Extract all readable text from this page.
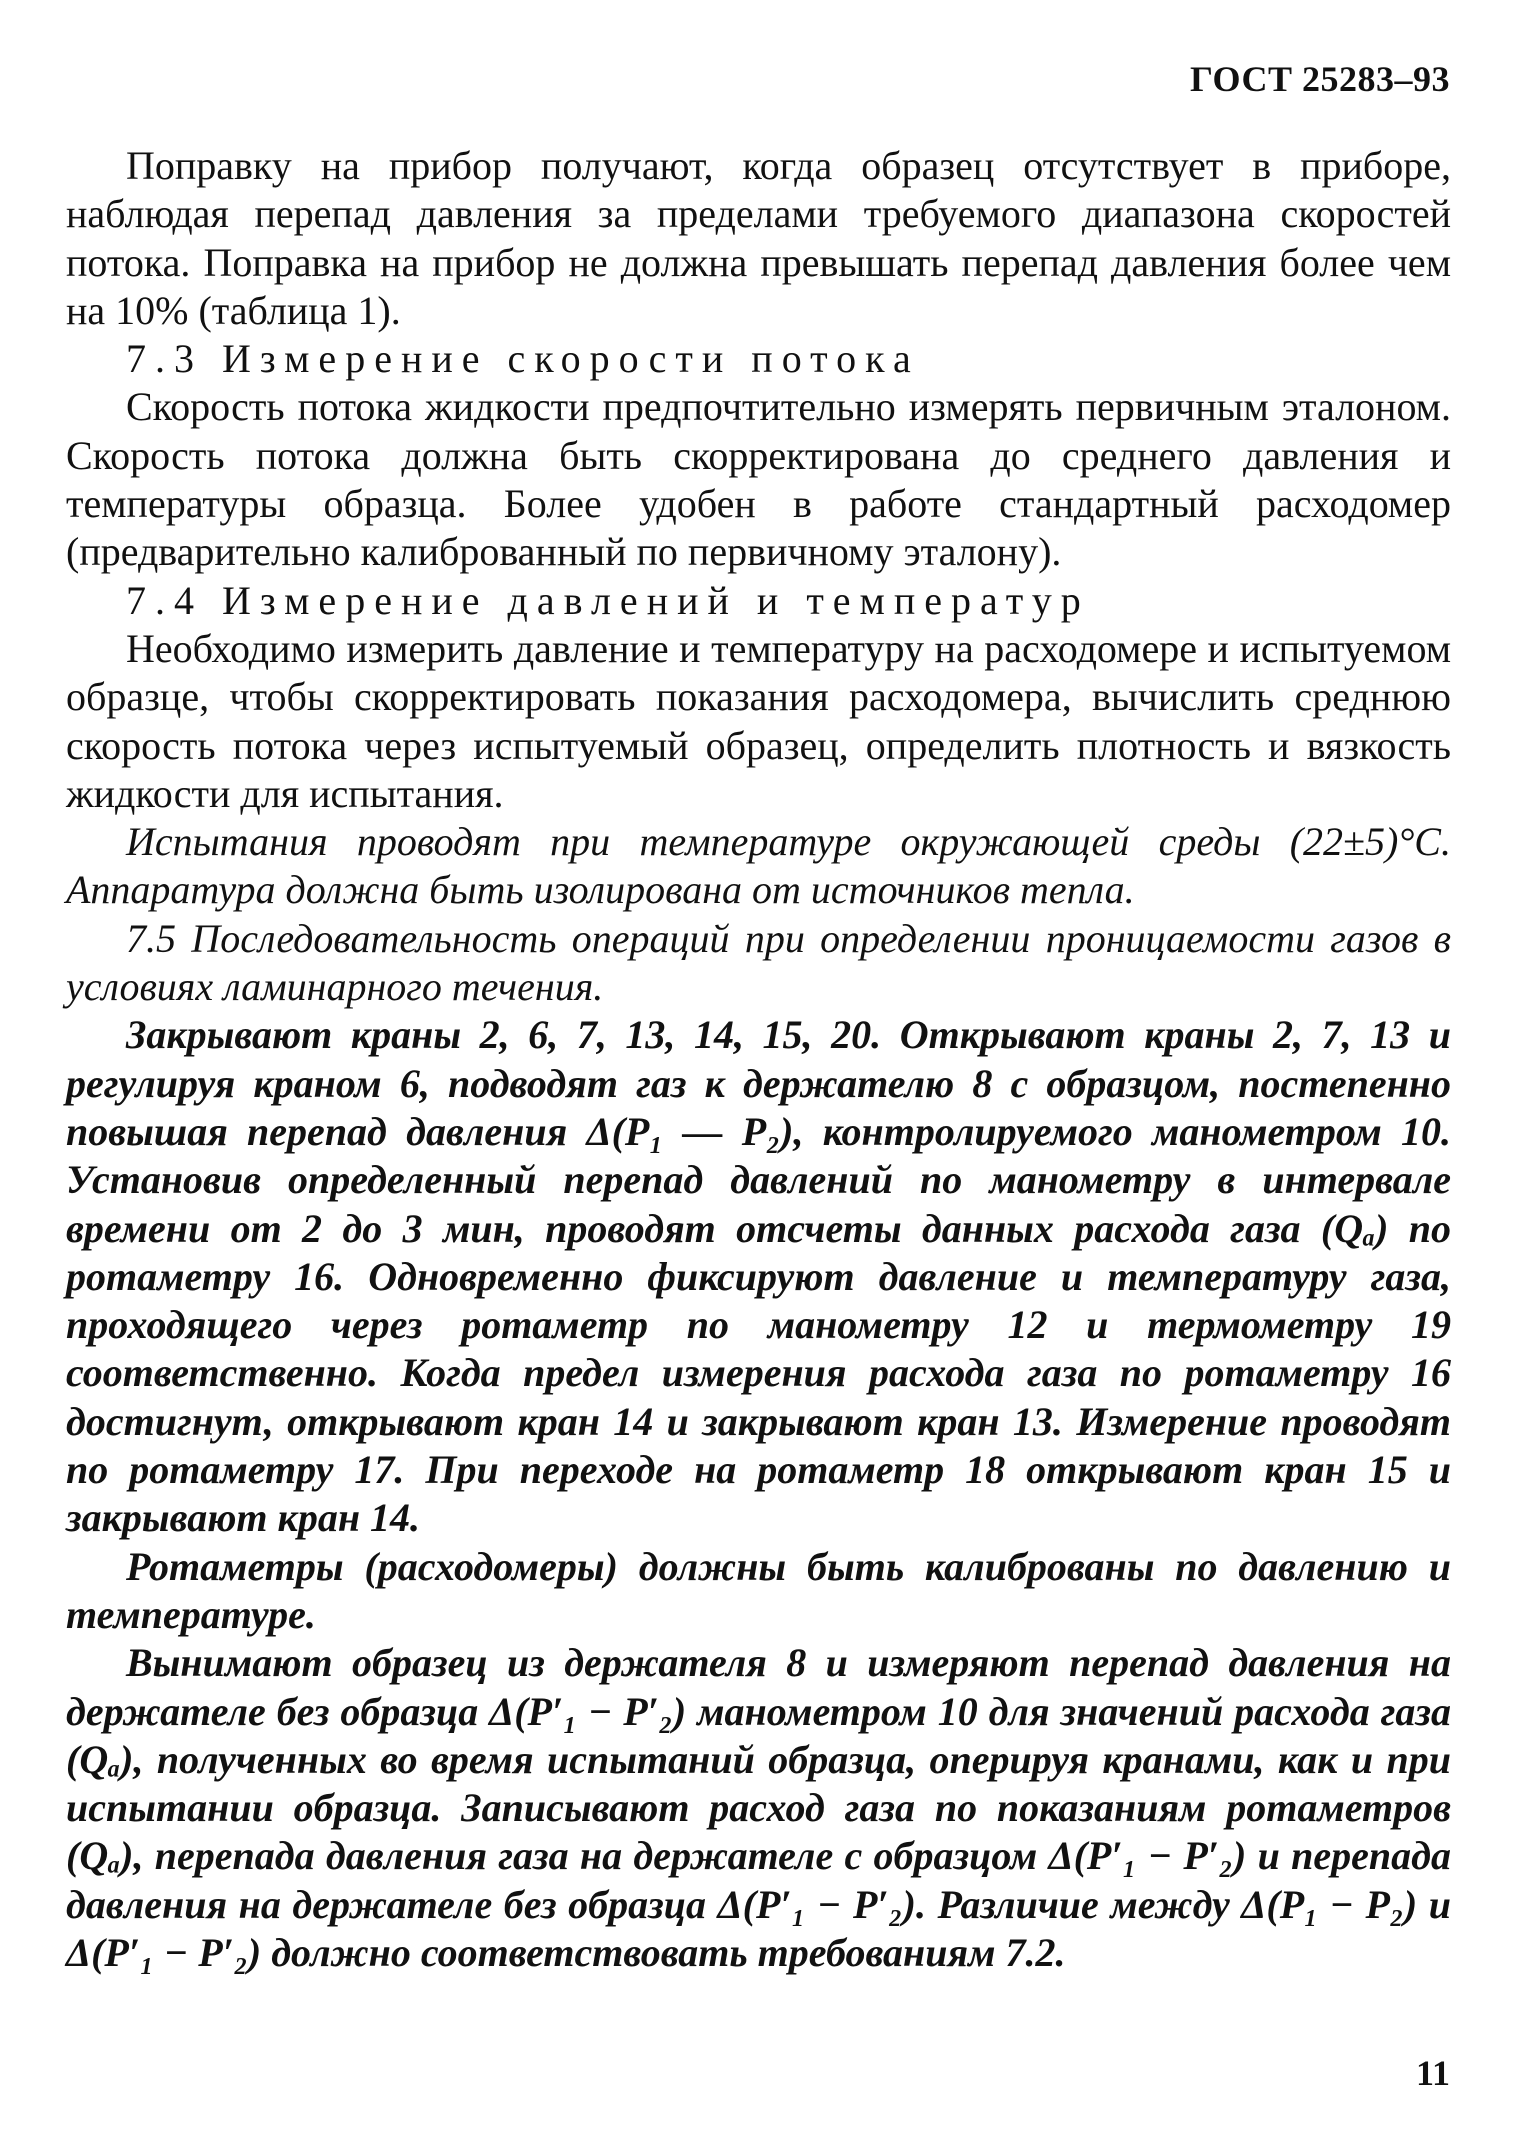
ГОСТ 25283–93

Поправку на прибор получают, когда образец отсутствует в приборе, наблюдая перепад давления за пределами требуемого диапазона скоростей потока. Поправка на прибор не должна превышать перепад давления более чем на 10% (таблица 1).

7.3 Измерение скорости потока

Скорость потока жидкости предпочтительно измерять первичным эталоном. Скорость потока должна быть скорректирована до среднего давления и температуры образца. Более удобен в работе стандартный расходомер (предварительно калиброванный по первичному эталону).

7.4 Измерение давлений и температур

Необходимо измерить давление и температуру на расходомере и испытуемом образце, чтобы скорректировать показания расходомера, вычислить среднюю скорость потока через испытуемый образец, определить плотность и вязкость жидкости для испытания.

Испытания проводят при температуре окружающей среды (22±5)°С. Аппаратура должна быть изолирована от источников тепла.

7.5 Последовательность операций при определении проницаемости газов в условиях ламинарного течения.

Закрывают краны 2, 6, 7, 13, 14, 15, 20. Открывают краны 2, 7, 13 и регулируя краном 6, подводят газ к держателю 8 с образцом, постепенно повышая перепад давления Δ(P₁ — P₂), контролируемого манометром 10. Установив определенный перепад давлений по манометру в интервале времени от 2 до 3 мин, проводят отсчеты данных расхода газа (Qₐ) по ротаметру 16. Одновременно фиксируют давление и температуру газа, проходящего через ротаметр по манометру 12 и термометру 19 соответственно. Когда предел измерения расхода газа по ротаметру 16 достигнут, открывают кран 14 и закрывают кран 13. Измерение проводят по ротаметру 17. При переходе на ротаметр 18 открывают кран 15 и закрывают кран 14.

Ротаметры (расходомеры) должны быть калиброваны по давлению и температуре.

Вынимают образец из держателя 8 и измеряют перепад давления на держателе без образца Δ(P′₁ − P′₂) манометром 10 для значений расхода газа (Qₐ), полученных во время испытаний образца, оперируя кранами, как и при испытании образца. Записывают расход газа по показаниям ротаметров (Qₐ), перепада давления газа на держателе с образцом Δ(P′₁ − P′₂) и перепада давления на держателе без образца Δ(P′₁ − P′₂). Различие между Δ(P₁ − P₂) и Δ(P′₁ − P′₂) должно соответствовать требованиям 7.2.

11
